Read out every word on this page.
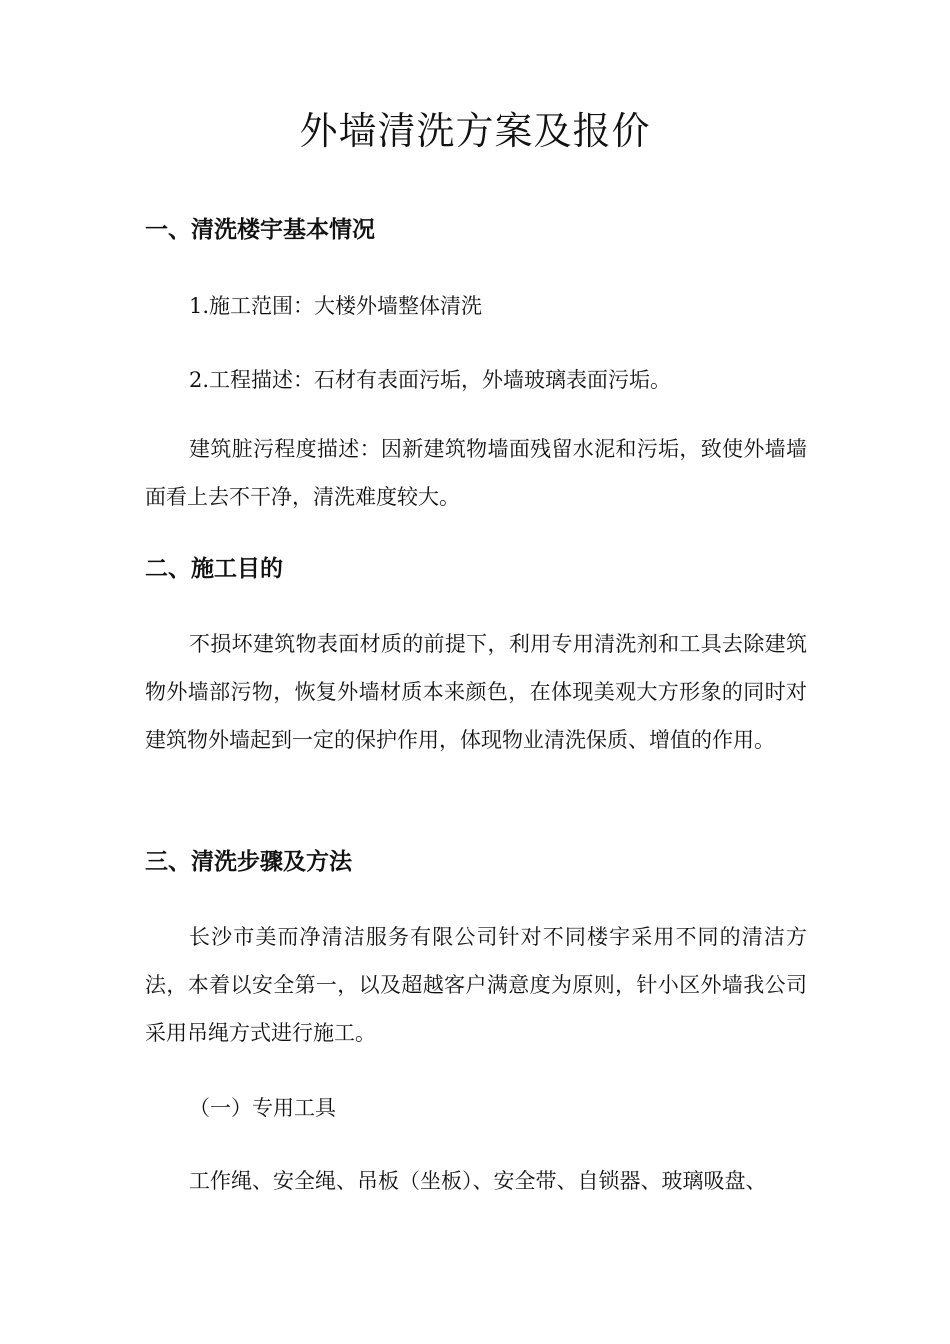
外墙清洗方案及报价
一、清洗楼宇基本情况

1.施工范围：大楼外墙整体清洗

2.工程描述：石材有表面污垢，外墙玻璃表面污垢。

建筑脏污程度描述：因新建筑物墙面残留水泥和污垢，致使外墙墙面看上去不干净，清洗难度较大。

二、施工目的

不损坏建筑物表面材质的前提下，利用专用清洗剂和工具去除建筑物外墙部污物，恢复外墙材质本来颜色，在体现美观大方形象的同时对建筑物外墙起到一定的保护作用，体现物业清洗保质、增值的作用。

三、清洗步骤及方法

长沙市美而净清洁服务有限公司针对不同楼宇采用不同的清洁方法，本着以安全第一，以及超越客户满意度为原则，针小区外墙我公司采用吊绳方式进行施工。

（一）专用工具

工作绳、安全绳、吊板（坐板）、安全带、自锁器、玻璃吸盘、
